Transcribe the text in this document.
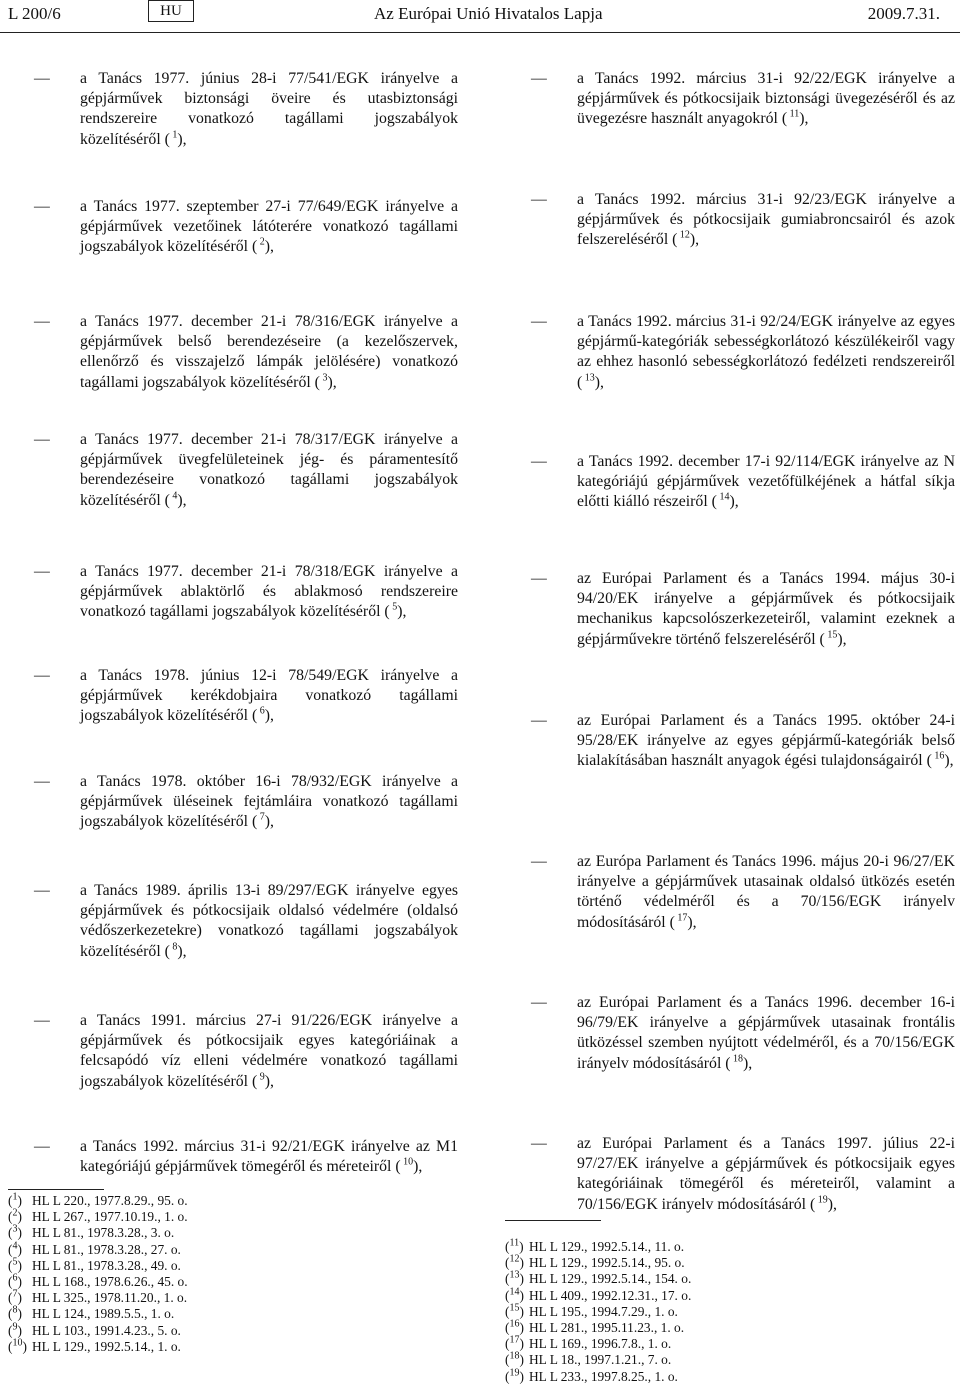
L 200/6	HU	Az Európai Unió Hivatalos Lapja	2009.7.31.
—	a Tanács 1977. június 28-i 77/541/EGK irányelve a gépjárművek biztonsági öveire és utasbiztonsági rendszereire vonatkozó tagállami jogszabályok közelítéséről ( $^1$),
—	a Tanács 1977. szeptember 27-i 77/649/EGK irányelve a gépjárművek vezetőinek látóterére vonatkozó tagállami jogszabályok közelítéséről ( $^2$),
—	a Tanács 1977. december 21-i 78/316/EGK irányelve a gépjárművek belső berendezéseire (a kezelőszervek, ellenőrző és visszajelző lámpák jelölésére) vonatkozó tagállami jogszabályok közelítéséről ( $^3$),
—	a Tanács 1977. december 21-i 78/317/EGK irányelve a gépjárművek üvegfelületeinek jég- és páramentesítő berendezéseire vonatkozó tagállami jogszabályok közelítéséről ( $^4$),
—	a Tanács 1977. december 21-i 78/318/EGK irányelve a gépjárművek ablaktörlő és ablakmosó rendszereire vonatkozó tagállami jogszabályok közelítéséről ( $^5$),
—	a Tanács 1978. június 12-i 78/549/EGK irányelve a gépjárművek kerékdobjaira vonatkozó tagállami jogszabályok közelítéséről ( $^6$),
—	a Tanács 1978. október 16-i 78/932/EGK irányelve a gépjárművek üléseinek fejtámláira vonatkozó tagállami jogszabályok közelítéséről ( $^7$),
—	a Tanács 1989. április 13-i 89/297/EGK irányelve egyes gépjárművek és pótkocsijaik oldalsó védelmére (oldalsó védőszerkezetekre) vonatkozó tagállami jogszabályok közelítéséről ( $^8$),
—	a Tanács 1991. március 27-i 91/226/EGK irányelve a gépjárművek és pótkocsijaik egyes kategóriáinak a felcsapódó víz elleni védelmére vonatkozó tagállami jogszabályok közelítéséről ( $^9$),
—	a Tanács 1992. március 31-i 92/21/EGK irányelve az M1 kategóriájú gépjárművek tömegéről és méreteiről ( $^{10}$),
—	a Tanács 1992. március 31-i 92/22/EGK irányelve a gépjárművek és pótkocsijaik biztonsági üvegezéséről és az üvegezésre használt anyagokról ( $^{11}$),
—	a Tanács 1992. március 31-i 92/23/EGK irányelve a gépjárművek és pótkocsijaik gumiabroncsairól és azok felszereléséről ( $^{12}$),
—	a Tanács 1992. március 31-i 92/24/EGK irányelve az egyes gépjármű-kategóriák sebességkorlátozó készülékeiről vagy az ehhez hasonló sebességkorlátozó fedélzeti rendszereiről ( $^{13}$),
—	a Tanács 1992. december 17-i 92/114/EGK irányelve az N kategóriájú gépjárművek vezetőfülkéjének a hátfal síkja előtti kiálló részeiről ( $^{14}$),
—	az Európai Parlament és a Tanács 1994. május 30-i 94/20/EK irányelve a gépjárművek és pótkocsijaik mechanikus kapcsolószerkezeteiről, valamint ezeknek a gépjárművekre történő felszereléséről ( $^{15}$),
—	az Európai Parlament és a Tanács 1995. október 24-i 95/28/EK irányelve az egyes gépjármű-kategóriák belső kialakításában használt anyagok égési tulajdonságairól ( $^{16}$),
—	az Európa Parlament és Tanács 1996. május 20-i 96/27/EK irányelve a gépjárművek utasainak oldalsó ütközés esetén történő védelméről és a 70/156/EGK irányelv módosításáról ( $^{17}$),
—	az Európai Parlament és a Tanács 1996. december 16-i 96/79/EK irányelve a gépjárművek utasainak frontális ütközéssel szemben nyújtott védelméről, és a 70/156/EGK irányelv módosításáról ( $^{18}$),
—	az Európai Parlament és a Tanács 1997. július 22-i 97/27/EK irányelve a gépjárművek és pótkocsijaik egyes kategóriáinak tömegéről és méreteiről, valamint a 70/156/EGK irányelv módosításáról ( $^{19}$),
($^1$) HL L 220., 1977.8.29., 95. o.
($^2$) HL L 267., 1977.10.19., 1. o.
($^3$) HL L 81., 1978.3.28., 3. o.
($^4$) HL L 81., 1978.3.28., 27. o.
($^5$) HL L 81., 1978.3.28., 49. o.
($^6$) HL L 168., 1978.6.26., 45. o.
($^7$) HL L 325., 1978.11.20., 1. o.
($^8$) HL L 124., 1989.5.5., 1. o.
($^9$) HL L 103., 1991.4.23., 5. o.
($^{10}$) HL L 129., 1992.5.14., 1. o.
($^{11}$) HL L 129., 1992.5.14., 11. o.
($^{12}$) HL L 129., 1992.5.14., 95. o.
($^{13}$) HL L 129., 1992.5.14., 154. o.
($^{14}$) HL L 409., 1992.12.31., 17. o.
($^{15}$) HL L 195., 1994.7.29., 1. o.
($^{16}$) HL L 281., 1995.11.23., 1. o.
($^{17}$) HL L 169., 1996.7.8., 1. o.
($^{18}$) HL L 18., 1997.1.21., 7. o.
($^{19}$) HL L 233., 1997.8.25., 1. o.
